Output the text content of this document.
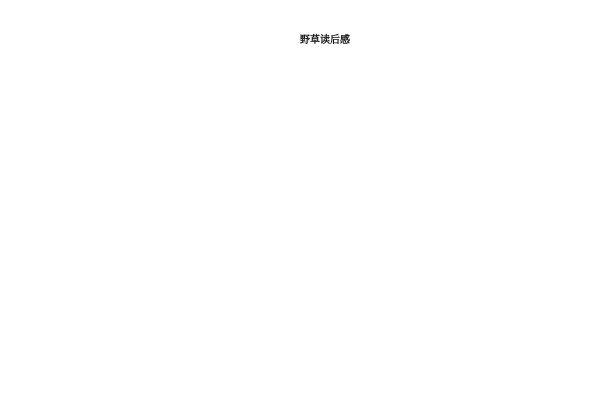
野草读后感
